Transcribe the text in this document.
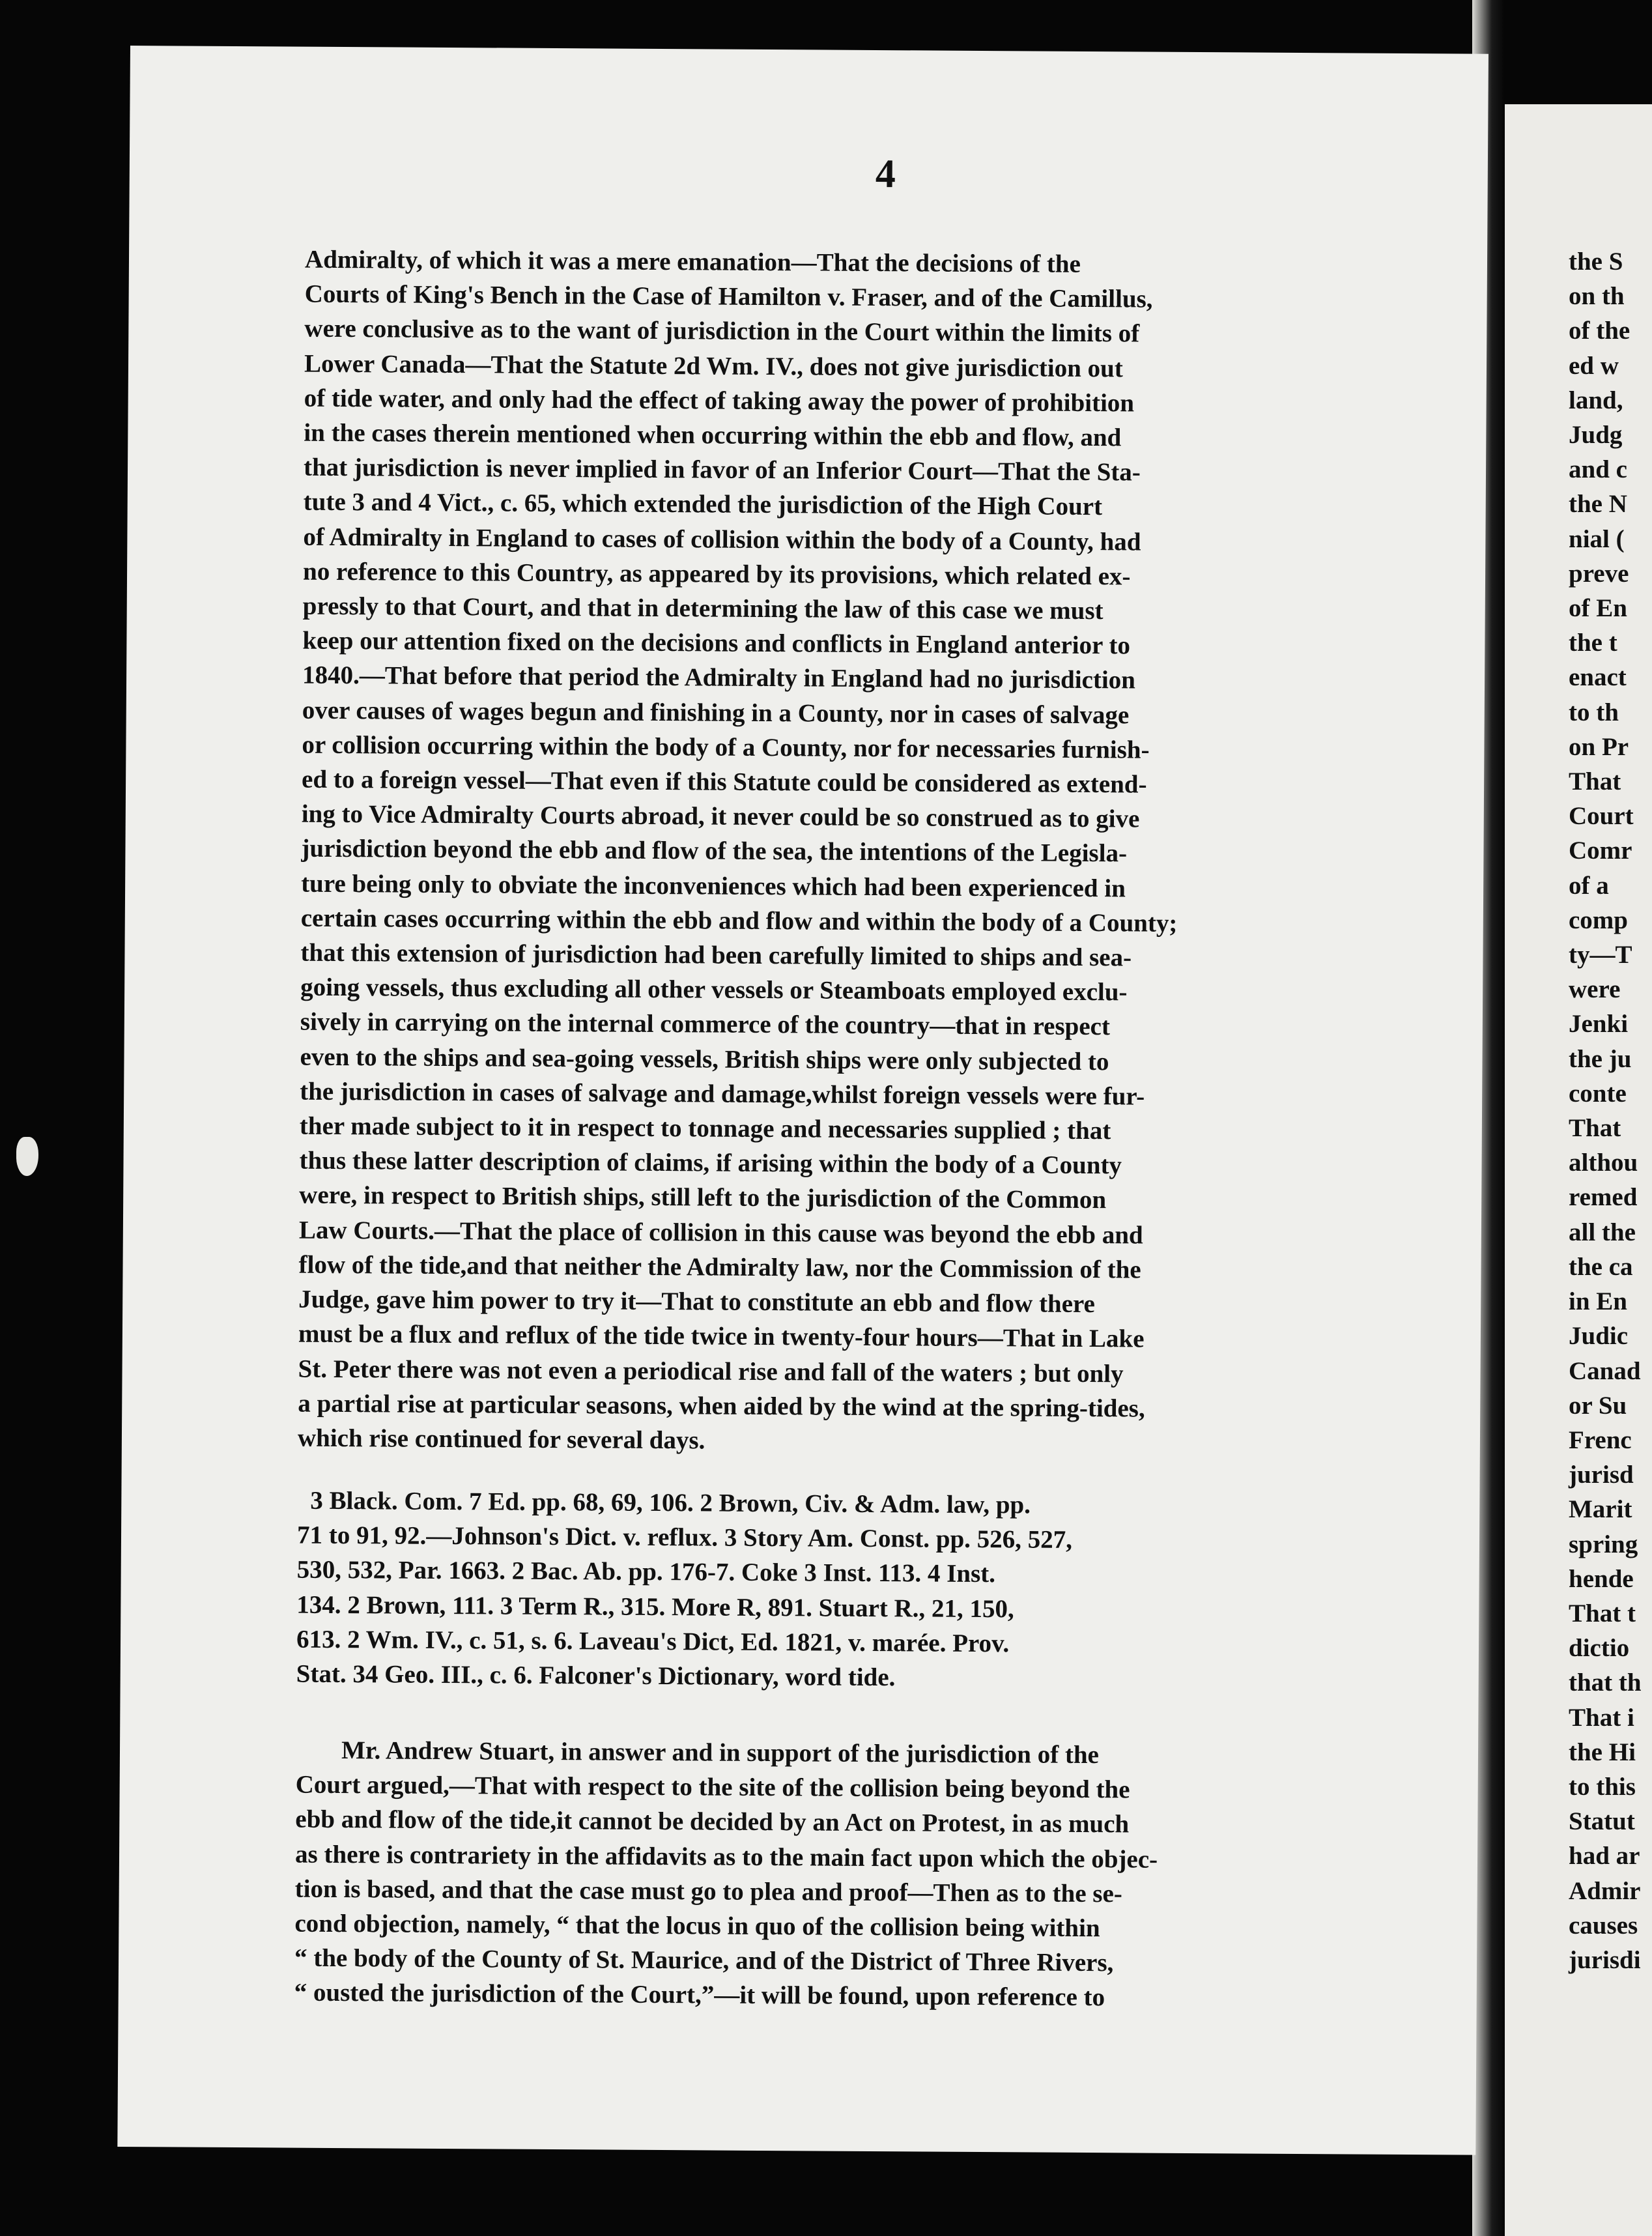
4
Admiralty, of which it was a mere emanation—That the decisions of the
Courts of King's Bench in the Case of Hamilton v. Fraser, and of the Camillus,
were conclusive as to the want of jurisdiction in the Court within the limits of
Lower Canada—That the Statute 2d Wm. IV., does not give jurisdiction out
of tide water, and only had the effect of taking away the power of prohibition
in the cases therein mentioned when occurring within the ebb and flow, and
that jurisdiction is never implied in favor of an Inferior Court—That the Sta-
tute 3 and 4 Vict., c. 65, which extended the jurisdiction of the High Court
of Admiralty in England to cases of collision within the body of a County, had
no reference to this Country, as appeared by its provisions, which related ex-
pressly to that Court, and that in determining the law of this case we must
keep our attention fixed on the decisions and conflicts in England anterior to
1840.—That before that period the Admiralty in England had no jurisdiction
over causes of wages begun and finishing in a County, nor in cases of salvage
or collision occurring within the body of a County, nor for necessaries furnish-
ed to a foreign vessel—That even if this Statute could be considered as extend-
ing to Vice Admiralty Courts abroad, it never could be so construed as to give
jurisdiction beyond the ebb and flow of the sea, the intentions of the Legisla-
ture being only to obviate the inconveniences which had been experienced in
certain cases occurring within the ebb and flow and within the body of a County;
that this extension of jurisdiction had been carefully limited to ships and sea-
going vessels, thus excluding all other vessels or Steamboats employed exclu-
sively in carrying on the internal commerce of the country—that in respect
even to the ships and sea-going vessels, British ships were only subjected to
the jurisdiction in cases of salvage and damage,whilst foreign vessels were fur-
ther made subject to it in respect to tonnage and necessaries supplied ; that
thus these latter description of claims, if arising within the body of a County
were, in respect to British ships, still left to the jurisdiction of the Common
Law Courts.—That the place of collision in this cause was beyond the ebb and
flow of the tide,and that neither the Admiralty law, nor the Commission of the
Judge, gave him power to try it—That to constitute an ebb and flow there
must be a flux and reflux of the tide twice in twenty-four hours—That in Lake
St. Peter there was not even a periodical rise and fall of the waters ; but only
a partial rise at particular seasons, when aided by the wind at the spring-tides,
which rise continued for several days.
3 Black. Com. 7 Ed. pp. 68, 69, 106. 2 Brown, Civ. & Adm. law, pp.
71 to 91, 92.—Johnson's Dict. v. reflux. 3 Story Am. Const. pp. 526, 527,
530, 532, Par. 1663. 2 Bac. Ab. pp. 176-7. Coke 3 Inst. 113. 4 Inst.
134. 2 Brown, 111. 3 Term R., 315. More R, 891. Stuart R., 21, 150,
613. 2 Wm. IV., c. 51, s. 6. Laveau's Dict, Ed. 1821, v. marée. Prov.
Stat. 34 Geo. III., c. 6. Falconer's Dictionary, word tide.
Mr. Andrew Stuart, in answer and in support of the jurisdiction of the
Court argued,—That with respect to the site of the collision being beyond the
ebb and flow of the tide,it cannot be decided by an Act on Protest, in as much
as there is contrariety in the affidavits as to the main fact upon which the objec-
tion is based, and that the case must go to plea and proof—Then as to the se-
cond objection, namely, “ that the locus in quo of the collision being within
“ the body of the County of St. Maurice, and of the District of Three Rivers,
“ ousted the jurisdiction of the Court,”—it will be found, upon reference to
the S
on th
of the
ed w
land,
Judg
and c
the N
nial (
preve
of En
the t
enact
to th
on Pr
That
Court
Comr
of a
comp
ty—T
were
Jenki
the ju
conte
That
althou
remed
all the
the ca
in En
Judic
Canad
or Su
Frenc
jurisd
Marit
spring
hende
That t
dictio
that th
That i
the Hi
to this
Statut
had ar
Admir
causes
jurisdi
